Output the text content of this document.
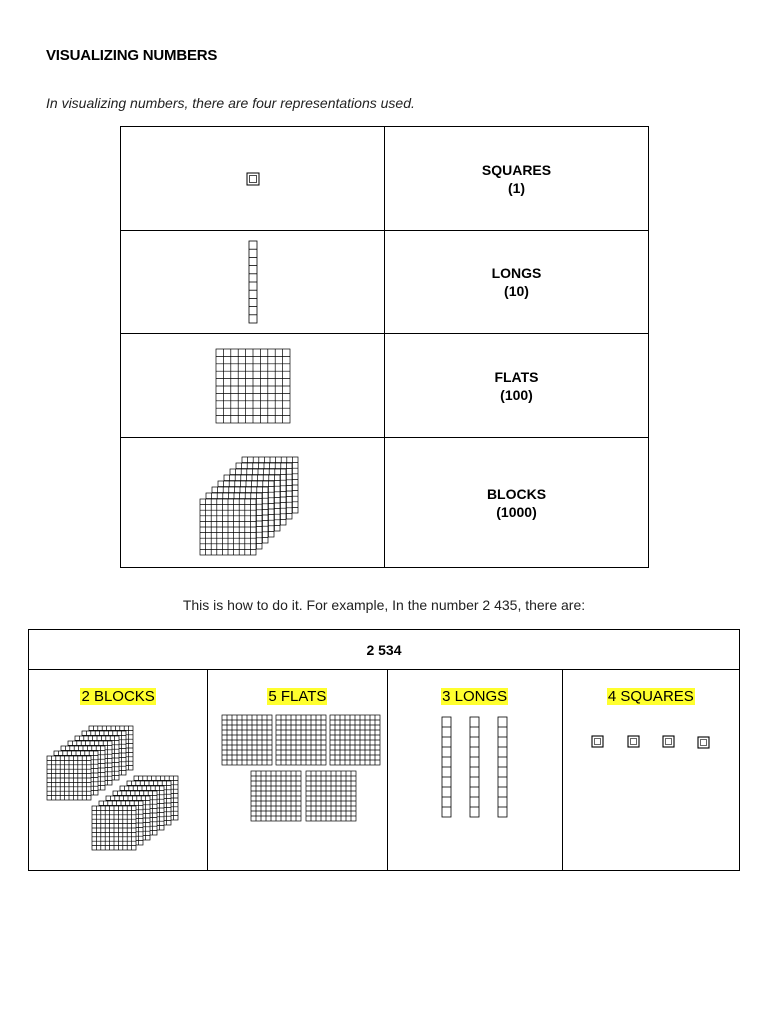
VISUALIZING NUMBERS
In visualizing numbers, there are four representations used.

SQUARES
(1)

LONGS
(10)

FLATS
(100)

BLOCKS
(1000)
This is how to do it. For example, In the number 2 435, there are:
2 534
2 BLOCKS	5 FLATS	3 LONGS	4 SQUARES
